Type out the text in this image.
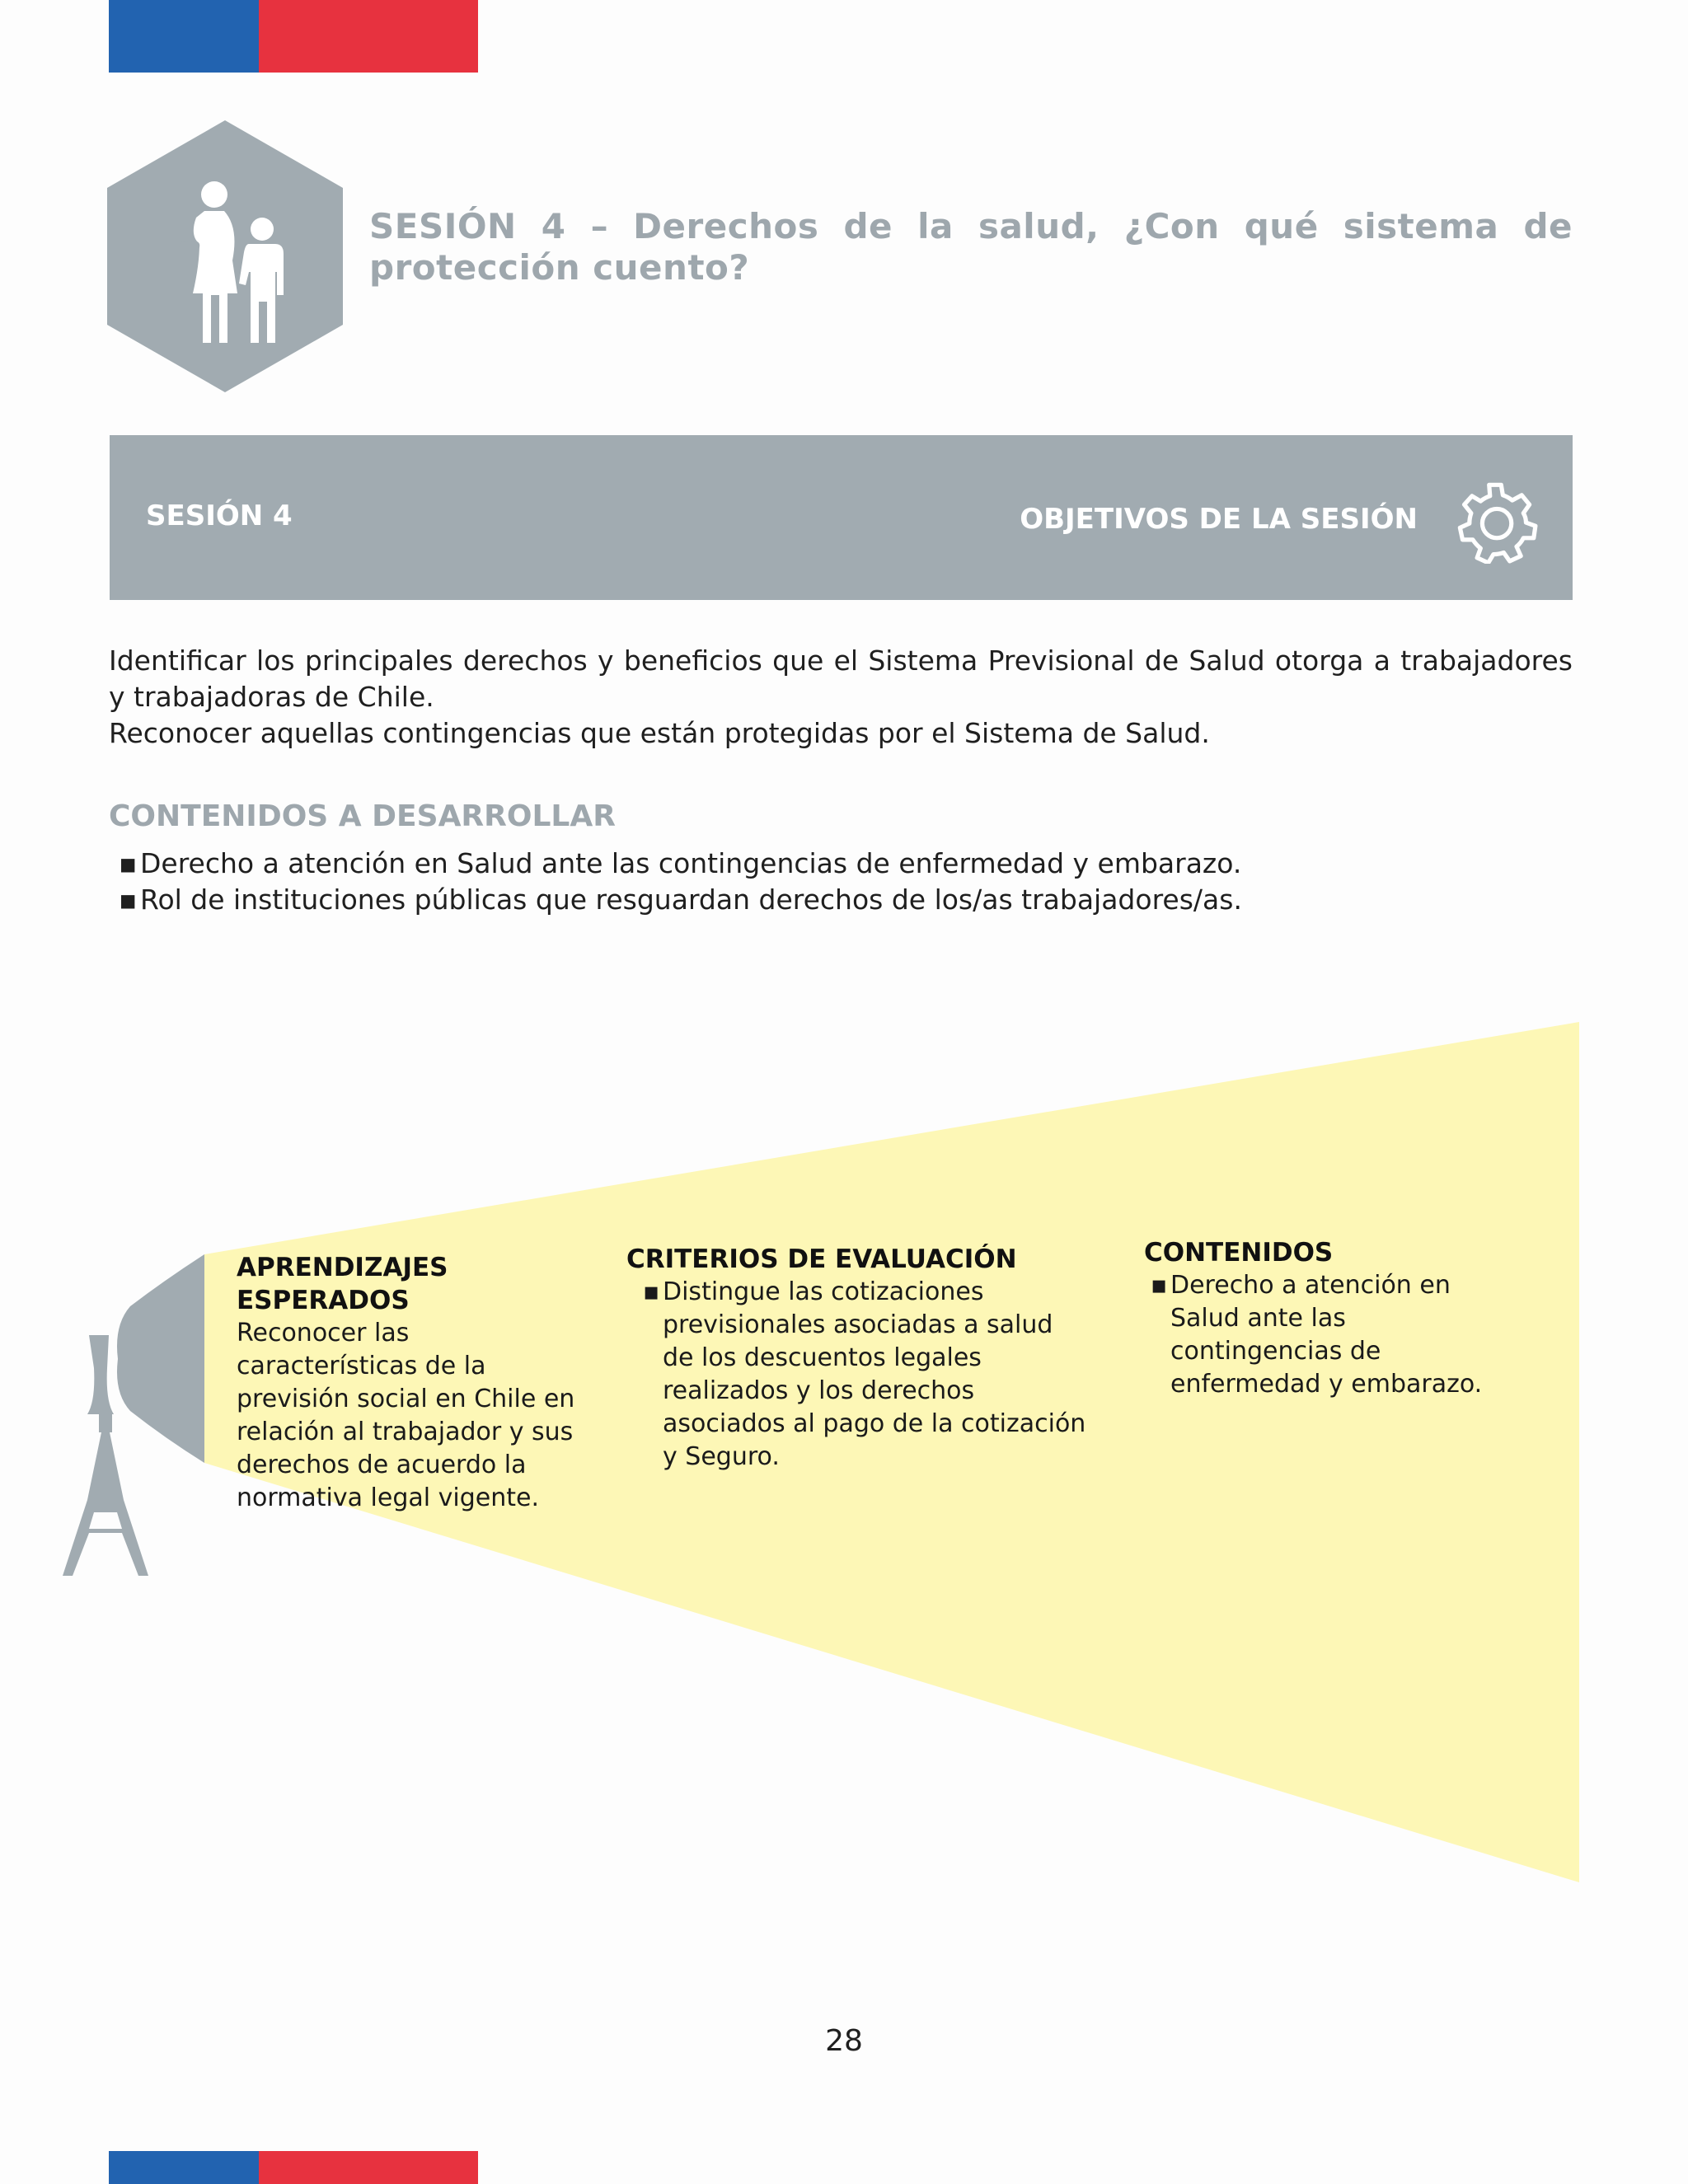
SESIÓN 4 – Derechos de la salud, ¿Con qué sistema de protección cuento?
SESIÓN 4	OBJETIVOS DE LA SESIÓN

Identificar los principales derechos y beneficios que el Sistema Previsional de Salud otorga a trabajadores y trabajadoras de Chile.

Reconocer aquellas contingencias que están protegidas por el Sistema de Salud.

CONTENIDOS A DESARROLLAR
▪ Derecho a atención en Salud ante las contingencias de enfermedad y embarazo.
▪ Rol de instituciones públicas que resguardan derechos de los/as trabajadores/as.
APRENDIZAJES ESPERADOS
Reconocer las características de la previsión social en Chile en relación al trabajador y sus derechos de acuerdo la normativa legal vigente.
CRITERIOS DE EVALUACIÓN
▪ Distingue las cotizaciones previsionales asociadas a salud de los descuentos legales realizados y los derechos asociados al pago de la cotización y Seguro.
CONTENIDOS
▪ Derecho a atención en Salud ante las contingencias de enfermedad y embarazo.
28
